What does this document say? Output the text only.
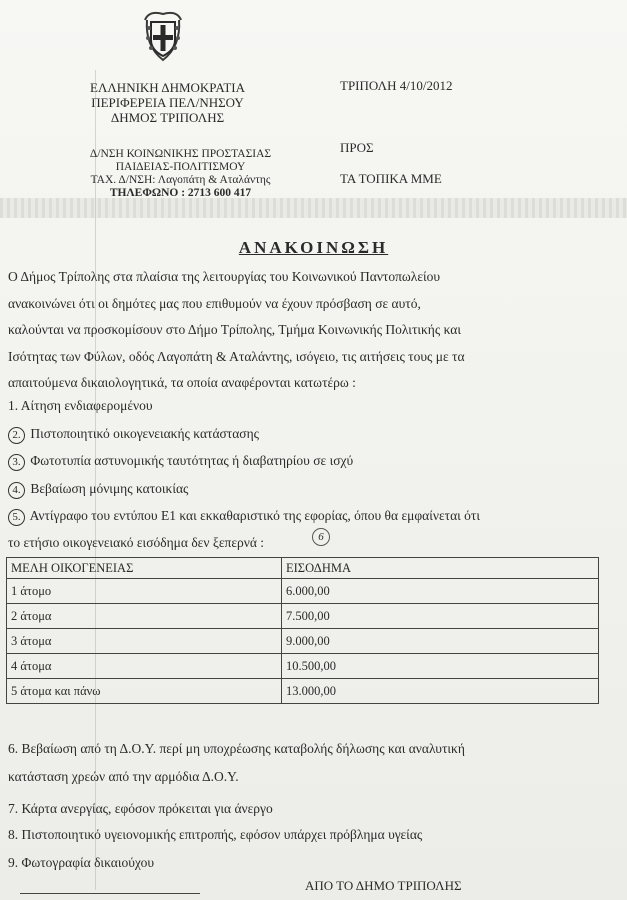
ΕΛΛΗΝΙΚΗ ΔΗΜΟΚΡΑΤΙΑ
ΠΕΡΙΦΕΡΕΙΑ ΠΕΛ/ΝΗΣΟΥ
ΔΗΜΟΣ ΤΡΙΠΟΛΗΣ
Δ/ΝΣΗ ΚΟΙΝΩΝΙΚΗΣ ΠΡΟΣΤΑΣΙΑΣ
ΠΑΙΔΕΙΑΣ-ΠΟΛΙΤΙΣΜΟΥ
ΤΑΧ. Δ/ΝΣΗ: Λαγοπάτη & Αταλάντης
ΤΗΛΕΦΩΝΟ : 2713 600 417
ΤΡΙΠΟΛΗ 4/10/2012
ΠΡΟΣ
ΤΑ ΤΟΠΙΚΑ ΜΜΕ
ΑΝΑΚΟΙΝΩΣΗ
Ο Δήμος Τρίπολης στα πλαίσια της λειτουργίας του Κοινωνικού Παντοπωλείου
ανακοινώνει ότι οι δημότες μας που επιθυμούν να έχουν πρόσβαση σε αυτό,
καλούνται να προσκομίσουν στο Δήμο Τρίπολης, Τμήμα Κοινωνικής Πολιτικής και
Ισότητας των Φύλων, οδός Λαγοπάτη & Αταλάντης, ισόγειο, τις αιτήσεις τους με τα
απαιτούμενα δικαιολογητικά, τα οποία αναφέρονται κατωτέρω :
1. Αίτηση ενδιαφερομένου
2. Πιστοποιητικό οικογενειακής κατάστασης
3. Φωτοτυπία αστυνομικής ταυτότητας ή διαβατηρίου σε ισχύ
4. Βεβαίωση μόνιμης κατοικίας
5. Αντίγραφο του εντύπου Ε1 και εκκαθαριστικό της εφορίας, όπου θα εμφαίνεται ότι
το ετήσιο οικογενειακό εισόδημα δεν ξεπερνά :	6
ΜΕΛΗ ΟΙΚΟΓΕΝΕΙΑΣ	ΕΙΣΟΔΗΜΑ
1 άτομο	6.000,00
2 άτομα	7.500,00
3 άτομα	9.000,00
4 άτομα	10.500,00
5 άτομα και πάνω	13.000,00
6. Βεβαίωση από τη Δ.Ο.Υ. περί μη υποχρέωσης καταβολής δήλωσης και αναλυτική
κατάσταση χρεών από την αρμόδια Δ.Ο.Υ.
7. Κάρτα ανεργίας, εφόσον πρόκειται για άνεργο
8. Πιστοποιητικό υγειονομικής επιτροπής, εφόσον υπάρχει πρόβλημα υγείας
9. Φωτογραφία δικαιούχου
ΑΠΟ ΤΟ ΔΗΜΟ ΤΡΙΠΟΛΗΣ
